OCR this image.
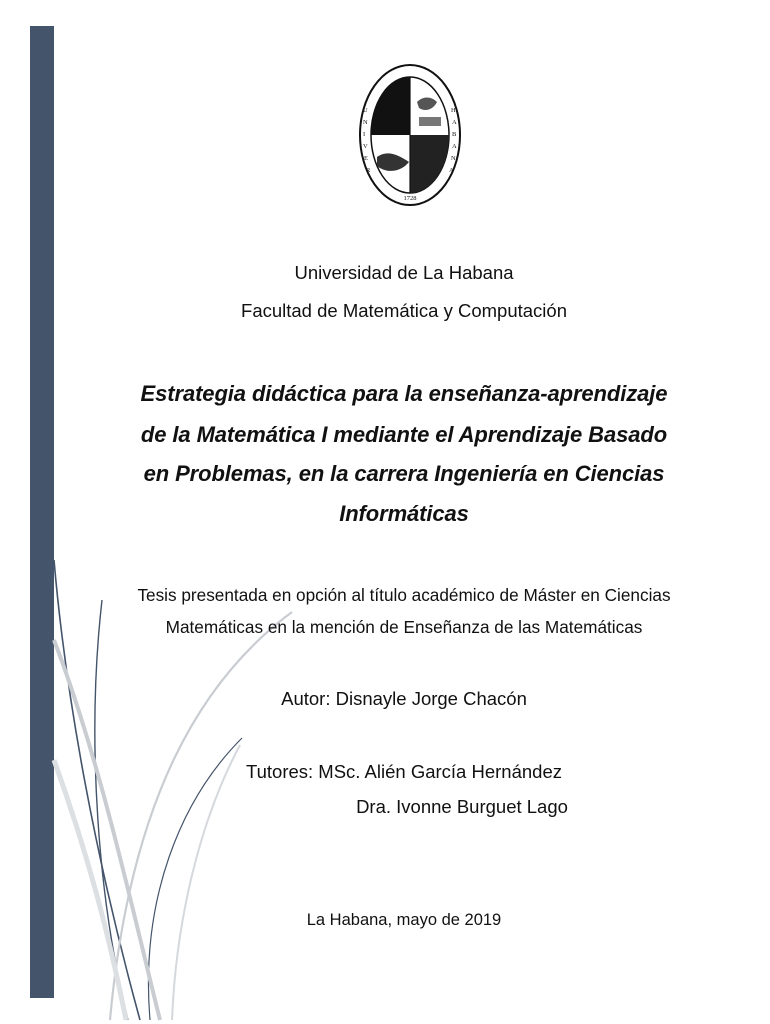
U
N
I
V
E
R
H
A
B
A
N
A
1728
Universidad de La Habana
Facultad de Matemática y Computación
Estrategia didáctica para la enseñanza-aprendizaje
de la Matemática I mediante el Aprendizaje Basado
en Problemas, en la carrera Ingeniería en Ciencias
Informáticas
Tesis presentada en opción al título académico de Máster en Ciencias
Matemáticas en la mención de Enseñanza de las Matemáticas
Autor: Disnayle Jorge Chacón
Tutores: MSc. Alién García Hernández
Dra. Ivonne Burguet Lago
La Habana, mayo de 2019
